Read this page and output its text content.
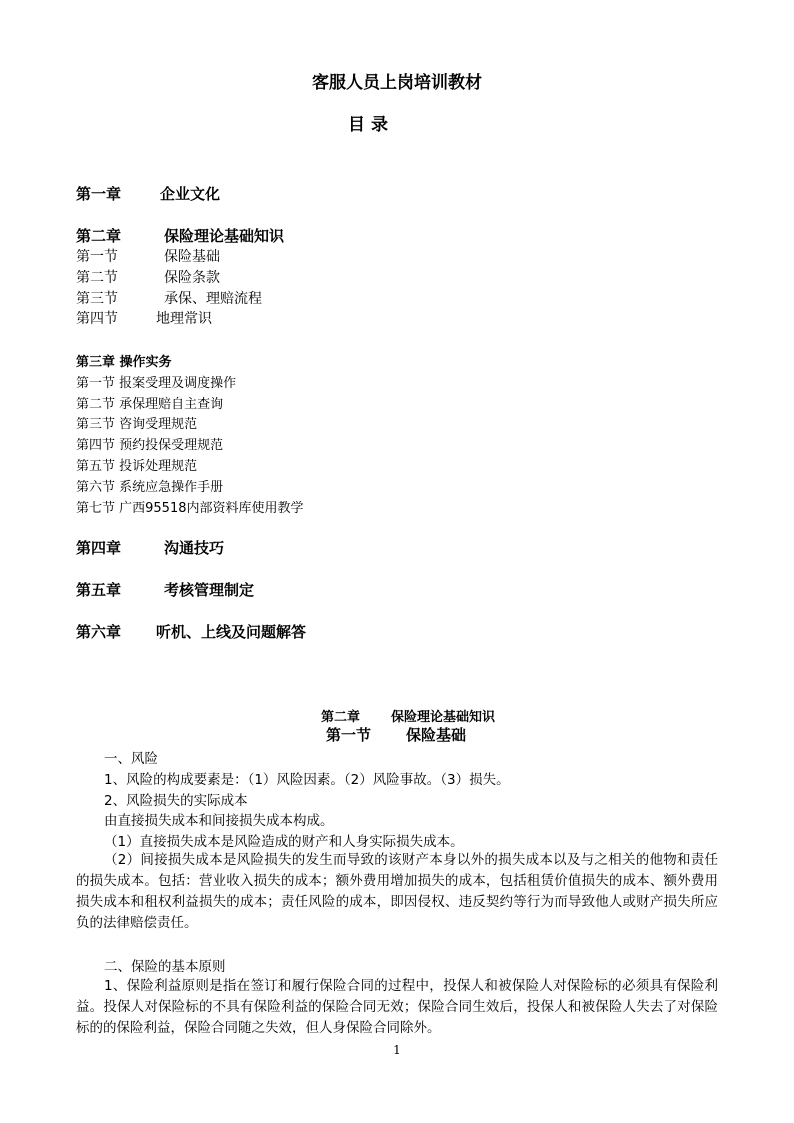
客服人员上岗培训教材
目 录
第一章	企业文化
第二章	保险理论基础知识
第一节	保险基础
第二节	保险条款
第三节	承保、理赔流程
第四节	地理常识
第三章 操作实务
第一节 报案受理及调度操作
第二节 承保理赔自主查询
第三节 咨询受理规范
第四节 预约投保受理规范
第五节 投诉处理规范
第六节 系统应急操作手册
第七节 广西95518内部资料库使用教学
第四章	沟通技巧
第五章	考核管理制定
第六章 听机、上线及问题解答
第二章 保险理论基础知识
第一节 保险基础
一、风险
1、风险的构成要素是：（1）风险因素。（2）风险事故。（3）损失。
2、风险损失的实际成本
由直接损失成本和间接损失成本构成。
（1）直接损失成本是风险造成的财产和人身实际损失成本。
（2）间接损失成本是风险损失的发生而导致的该财产本身以外的损失成本以及与之相关的他物和责任的损失成本。包括：营业收入损失的成本；额外费用增加损失的成本，包括租赁价值损失的成本、额外费用损失成本和租权利益损失的成本；责任风险的成本，即因侵权、违反契约等行为而导致他人或财产损失所应负的法律赔偿责任。
二、保险的基本原则
1、保险利益原则是指在签订和履行保险合同的过程中，投保人和被保险人对保险标的必须具有保险利益。投保人对保险标的不具有保险利益的保险合同无效；保险合同生效后，投保人和被保险人失去了对保险标的的保险利益，保险合同随之失效，但人身保险合同除外。
1
